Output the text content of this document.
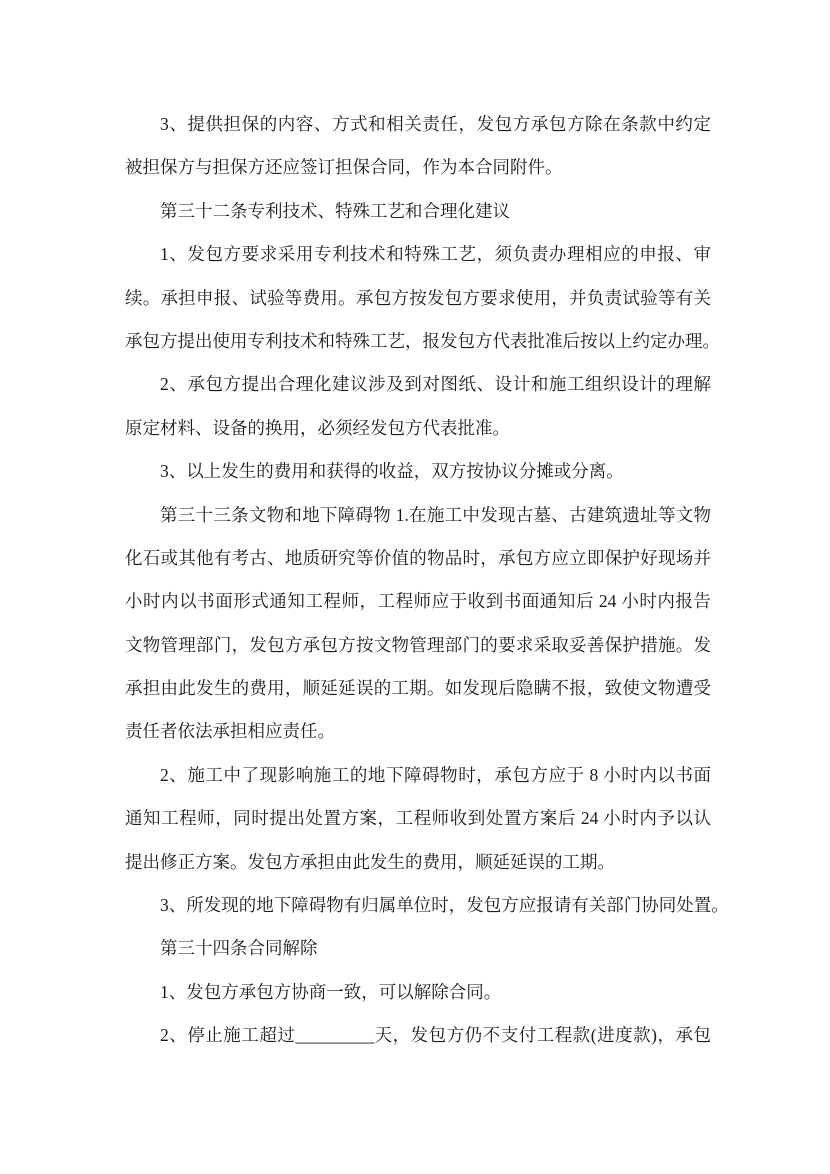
3、提供担保的内容、方式和相关责任，发包方承包方除在条款中约定
被担保方与担保方还应签订担保合同，作为本合同附件。
第三十二条专利技术、特殊工艺和合理化建议
1、发包方要求采用专利技术和特殊工艺，须负责办理相应的申报、审
续。承担申报、试验等费用。承包方按发包方要求使用，并负责试验等有关
承包方提出使用专利技术和特殊工艺，报发包方代表批准后按以上约定办理。
2、承包方提出合理化建议涉及到对图纸、设计和施工组织设计的理解
原定材料、设备的换用，必须经发包方代表批准。
3、以上发生的费用和获得的收益，双方按协议分摊或分离。
第三十三条文物和地下障碍物 1.在施工中发现古墓、古建筑遗址等文物
化石或其他有考古、地质研究等价值的物品时，承包方应立即保护好现场并
小时内以书面形式通知工程师，工程师应于收到书面通知后 24 小时内报告
文物管理部门，发包方承包方按文物管理部门的要求采取妥善保护措施。发
承担由此发生的费用，顺延延误的工期。如发现后隐瞒不报，致使文物遭受
责任者依法承担相应责任。
2、施工中了现影响施工的地下障碍物时，承包方应于 8 小时内以书面
通知工程师，同时提出处置方案，工程师收到处置方案后 24 小时内予以认
提出修正方案。发包方承担由此发生的费用，顺延延误的工期。
3、所发现的地下障碍物有归属单位时，发包方应报请有关部门协同处置。
第三十四条合同解除
1、发包方承包方协商一致，可以解除合同。
2、停止施工超过_________天，发包方仍不支付工程款(进度款)，承包
